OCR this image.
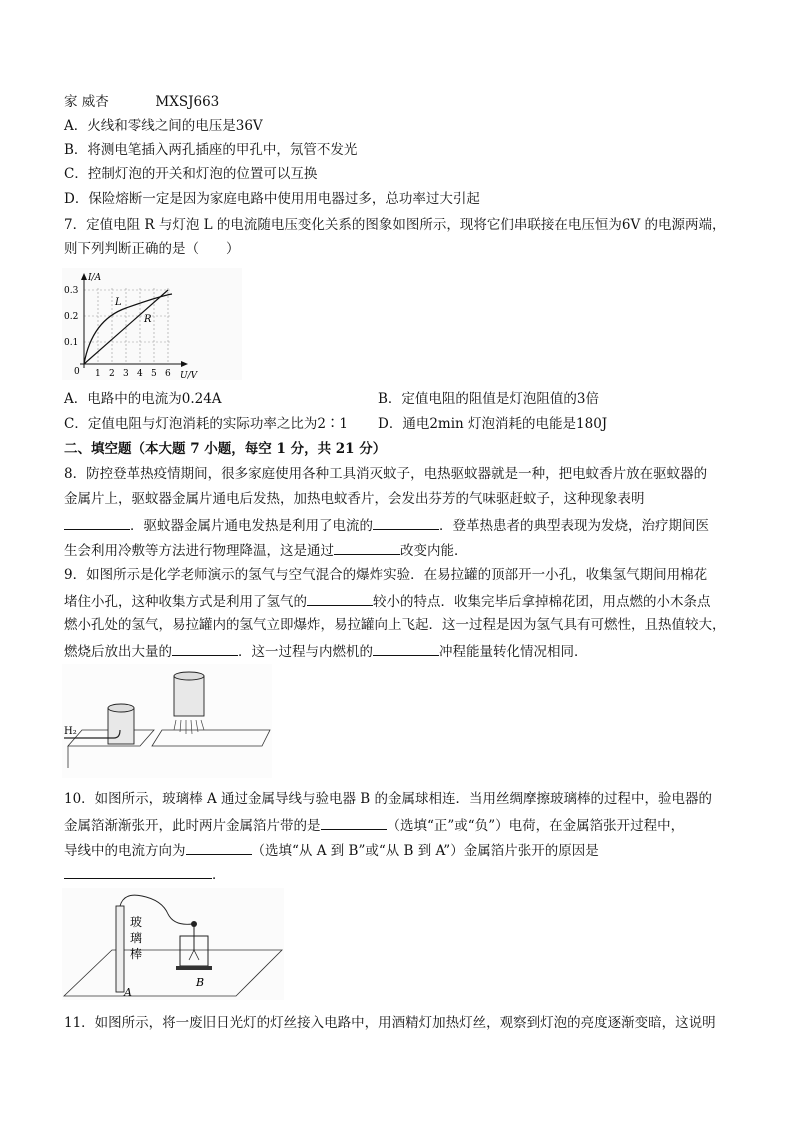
家 威杏	MXSJ663
A．火线和零线之间的电压是36V
B．将测电笔插入两孔插座的甲孔中，氖管不发光
C．控制灯泡的开关和灯泡的位置可以互换
D．保险熔断一定是因为家庭电路中使用用电器过多，总功率过大引起
7．定值电阻 R 与灯泡 L 的电流随电压变化关系的图象如图所示，现将它们串联接在电压恒为6V 的电源两端，
则下列判断正确的是（　　）
I/A
U/V
0
0.3
0.2
0.1
1 2 3 4 5 6
L
R
A．电路中的电流为0.24A	B．定值电阻的阻值是灯泡阻值的3倍
C．定值电阻与灯泡消耗的实际功率之比为2∶1 D．通电2min 灯泡消耗的电能是180J
二、填空题（本大题 7 小题，每空 1 分，共 21 分）
8．防控登革热疫情期间，很多家庭使用各种工具消灭蚊子，电热驱蚊器就是一种，把电蚊香片放在驱蚊器的
金属片上，驱蚊器金属片通电后发热，加热电蚊香片，会发出芬芳的气味驱赶蚊子，这种现象表明
．驱蚊器金属片通电发热是利用了电流的	．登革热患者的典型表现为发烧，治疗期间医
生会利用冷敷等方法进行物理降温，这是通过	改变内能．
9．如图所示是化学老师演示的氢气与空气混合的爆炸实验．在易拉罐的顶部开一小孔，收集氢气期间用棉花
堵住小孔，这种收集方式是利用了氢气的	较小的特点．收集完毕后拿掉棉花团，用点燃的小木条点
燃小孔处的氢气，易拉罐内的氢气立即爆炸，易拉罐向上飞起．这一过程是因为氢气具有可燃性，且热值较大，
燃烧后放出大量的	．这一过程与内燃机的	冲程能量转化情况相同．
H₂
10．如图所示，玻璃棒 A 通过金属导线与验电器 B 的金属球相连．当用丝绸摩擦玻璃棒的过程中，验电器的
金属箔渐渐张开，此时两片金属箔片带的是	（选填“正”或“负”）电荷，在金属箔张开过程中，
导线中的电流方向为	（选填“从 A 到 B”或“从 B 到 A”）金属箔片张开的原因是
．
玻璃棒
A
B
11．如图所示，将一废旧日光灯的灯丝接入电路中，用酒精灯加热灯丝，观察到灯泡的亮度逐渐变暗，这说明
